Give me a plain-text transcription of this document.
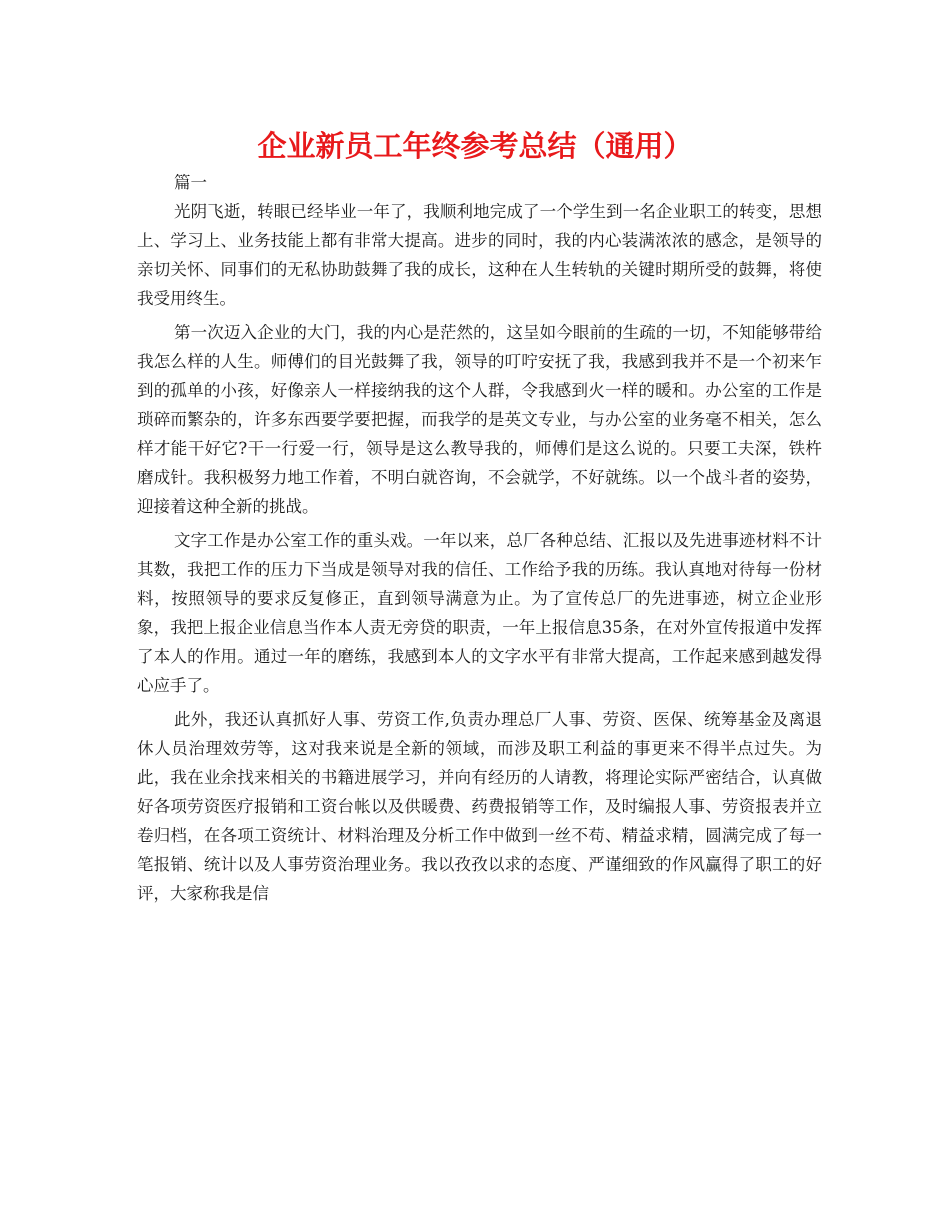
企业新员工年终参考总结（通用）

篇一

光阴飞逝，转眼已经毕业一年了，我顺利地完成了一个学生到一名企业职工的转变，思想上、学习上、业务技能上都有非常大提高。进步的同时，我的内心装满浓浓的感念，是领导的亲切关怀、同事们的无私协助鼓舞了我的成长，这种在人生转轨的关键时期所受的鼓舞，将使我受用终生。

第一次迈入企业的大门，我的内心是茫然的，这呈如今眼前的生疏的一切，不知能够带给我怎么样的人生。师傅们的目光鼓舞了我，领导的叮咛安抚了我，我感到我并不是一个初来乍到的孤单的小孩，好像亲人一样接纳我的这个人群，令我感到火一样的暖和。办公室的工作是琐碎而繁杂的，许多东西要学要把握，而我学的是英文专业，与办公室的业务毫不相关，怎么样才能干好它?干一行爱一行，领导是这么教导我的，师傅们是这么说的。只要工夫深，铁杵磨成针。我积极努力地工作着，不明白就咨询，不会就学，不好就练。以一个战斗者的姿势，迎接着这种全新的挑战。

文字工作是办公室工作的重头戏。一年以来，总厂各种总结、汇报以及先进事迹材料不计其数，我把工作的压力下当成是领导对我的信任、工作给予我的历练。我认真地对待每一份材料，按照领导的要求反复修正，直到领导满意为止。为了宣传总厂的先进事迹，树立企业形象，我把上报企业信息当作本人责无旁贷的职责，一年上报信息35条，在对外宣传报道中发挥了本人的作用。通过一年的磨练，我感到本人的文字水平有非常大提高，工作起来感到越发得心应手了。

此外，我还认真抓好人事、劳资工作,负责办理总厂人事、劳资、医保、统筹基金及离退休人员治理效劳等，这对我来说是全新的领域，而涉及职工利益的事更来不得半点过失。为此，我在业余找来相关的书籍进展学习，并向有经历的人请教，将理论实际严密结合，认真做好各项劳资医疗报销和工资台帐以及供暖费、药费报销等工作，及时编报人事、劳资报表并立卷归档，在各项工资统计、材料治理及分析工作中做到一丝不苟、精益求精，圆满完成了每一笔报销、统计以及人事劳资治理业务。我以孜孜以求的态度、严谨细致的作风赢得了职工的好评，大家称我是信
